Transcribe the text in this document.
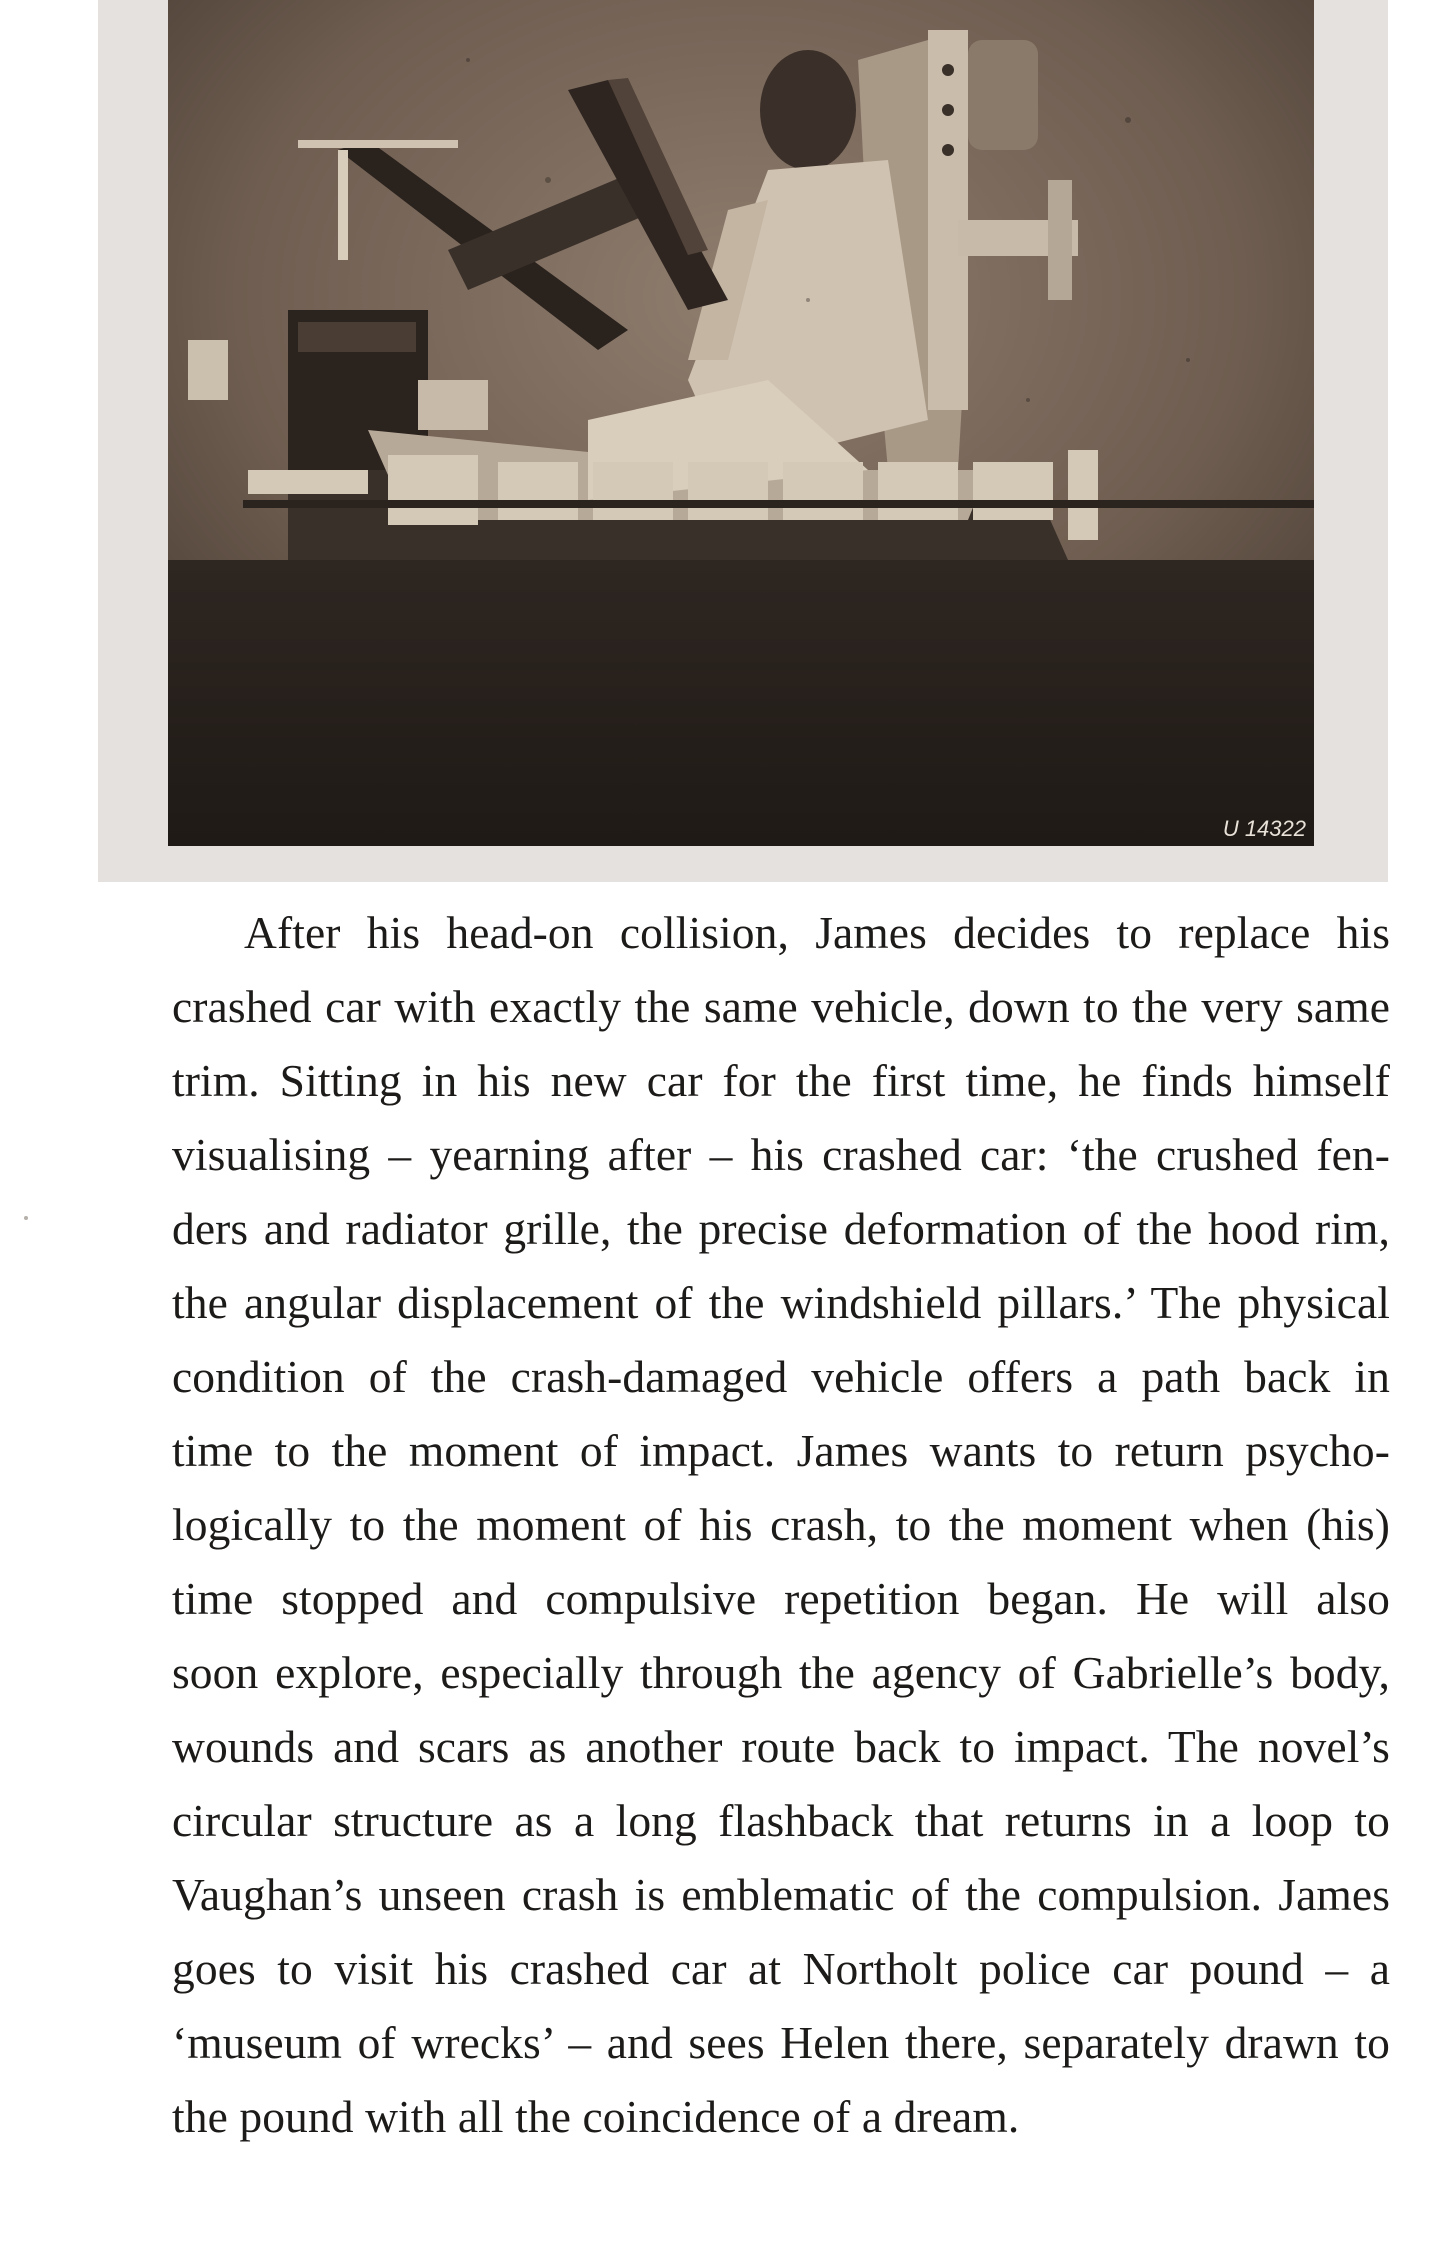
U 14322
After his head-on collision, James decides to replace his
crashed car with exactly the same vehicle, down to the very same
trim. Sitting in his new car for the first time, he finds himself
visualising – yearning after – his crashed car: ‘the crushed fen-
ders and radiator grille, the precise deformation of the hood rim,
the angular displacement of the windshield pillars.’ The physical
condition of the crash-damaged vehicle offers a path back in
time to the moment of impact. James wants to return psycho-
logically to the moment of his crash, to the moment when (his)
time stopped and compulsive repetition began. He will also
soon explore, especially through the agency of Gabrielle’s body,
wounds and scars as another route back to impact. The novel’s
circular structure as a long flashback that returns in a loop to
Vaughan’s unseen crash is emblematic of the compulsion. James
goes to visit his crashed car at Northolt police car pound – a
‘museum of wrecks’ – and sees Helen there, separately drawn to
the pound with all the coincidence of a dream.
